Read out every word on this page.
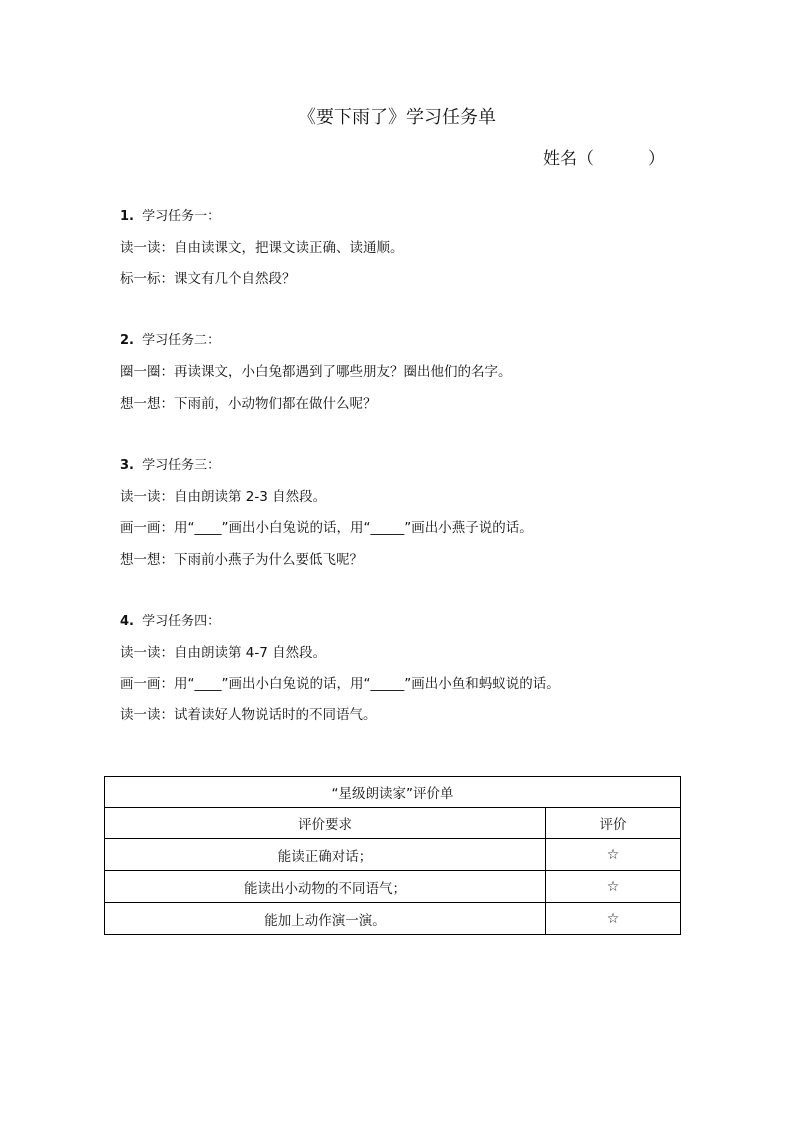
《要下雨了》学习任务单
姓名（          ）
1. 学习任务一：
读一读：自由读课文，把课文读正确、读通顺。
标一标：课文有几个自然段？
2. 学习任务二：
圈一圈：再读课文，小白兔都遇到了哪些朋友？圈出他们的名字。
想一想：下雨前，小动物们都在做什么呢？
3. 学习任务三：
读一读：自由朗读第 2-3 自然段。
画一画：用“____”画出小白兔说的话，用“_____”画出小燕子说的话。
想一想：下雨前小燕子为什么要低飞呢？
4. 学习任务四：
读一读：自由朗读第 4-7 自然段。
画一画：用“____”画出小白兔说的话，用“_____”画出小鱼和蚂蚁说的话。
读一读：试着读好人物说话时的不同语气。
“星级朗读家”评价单	
评价要求	评价
能读正确对话；	☆
能读出小动物的不同语气；	☆
能加上动作演一演。	☆
